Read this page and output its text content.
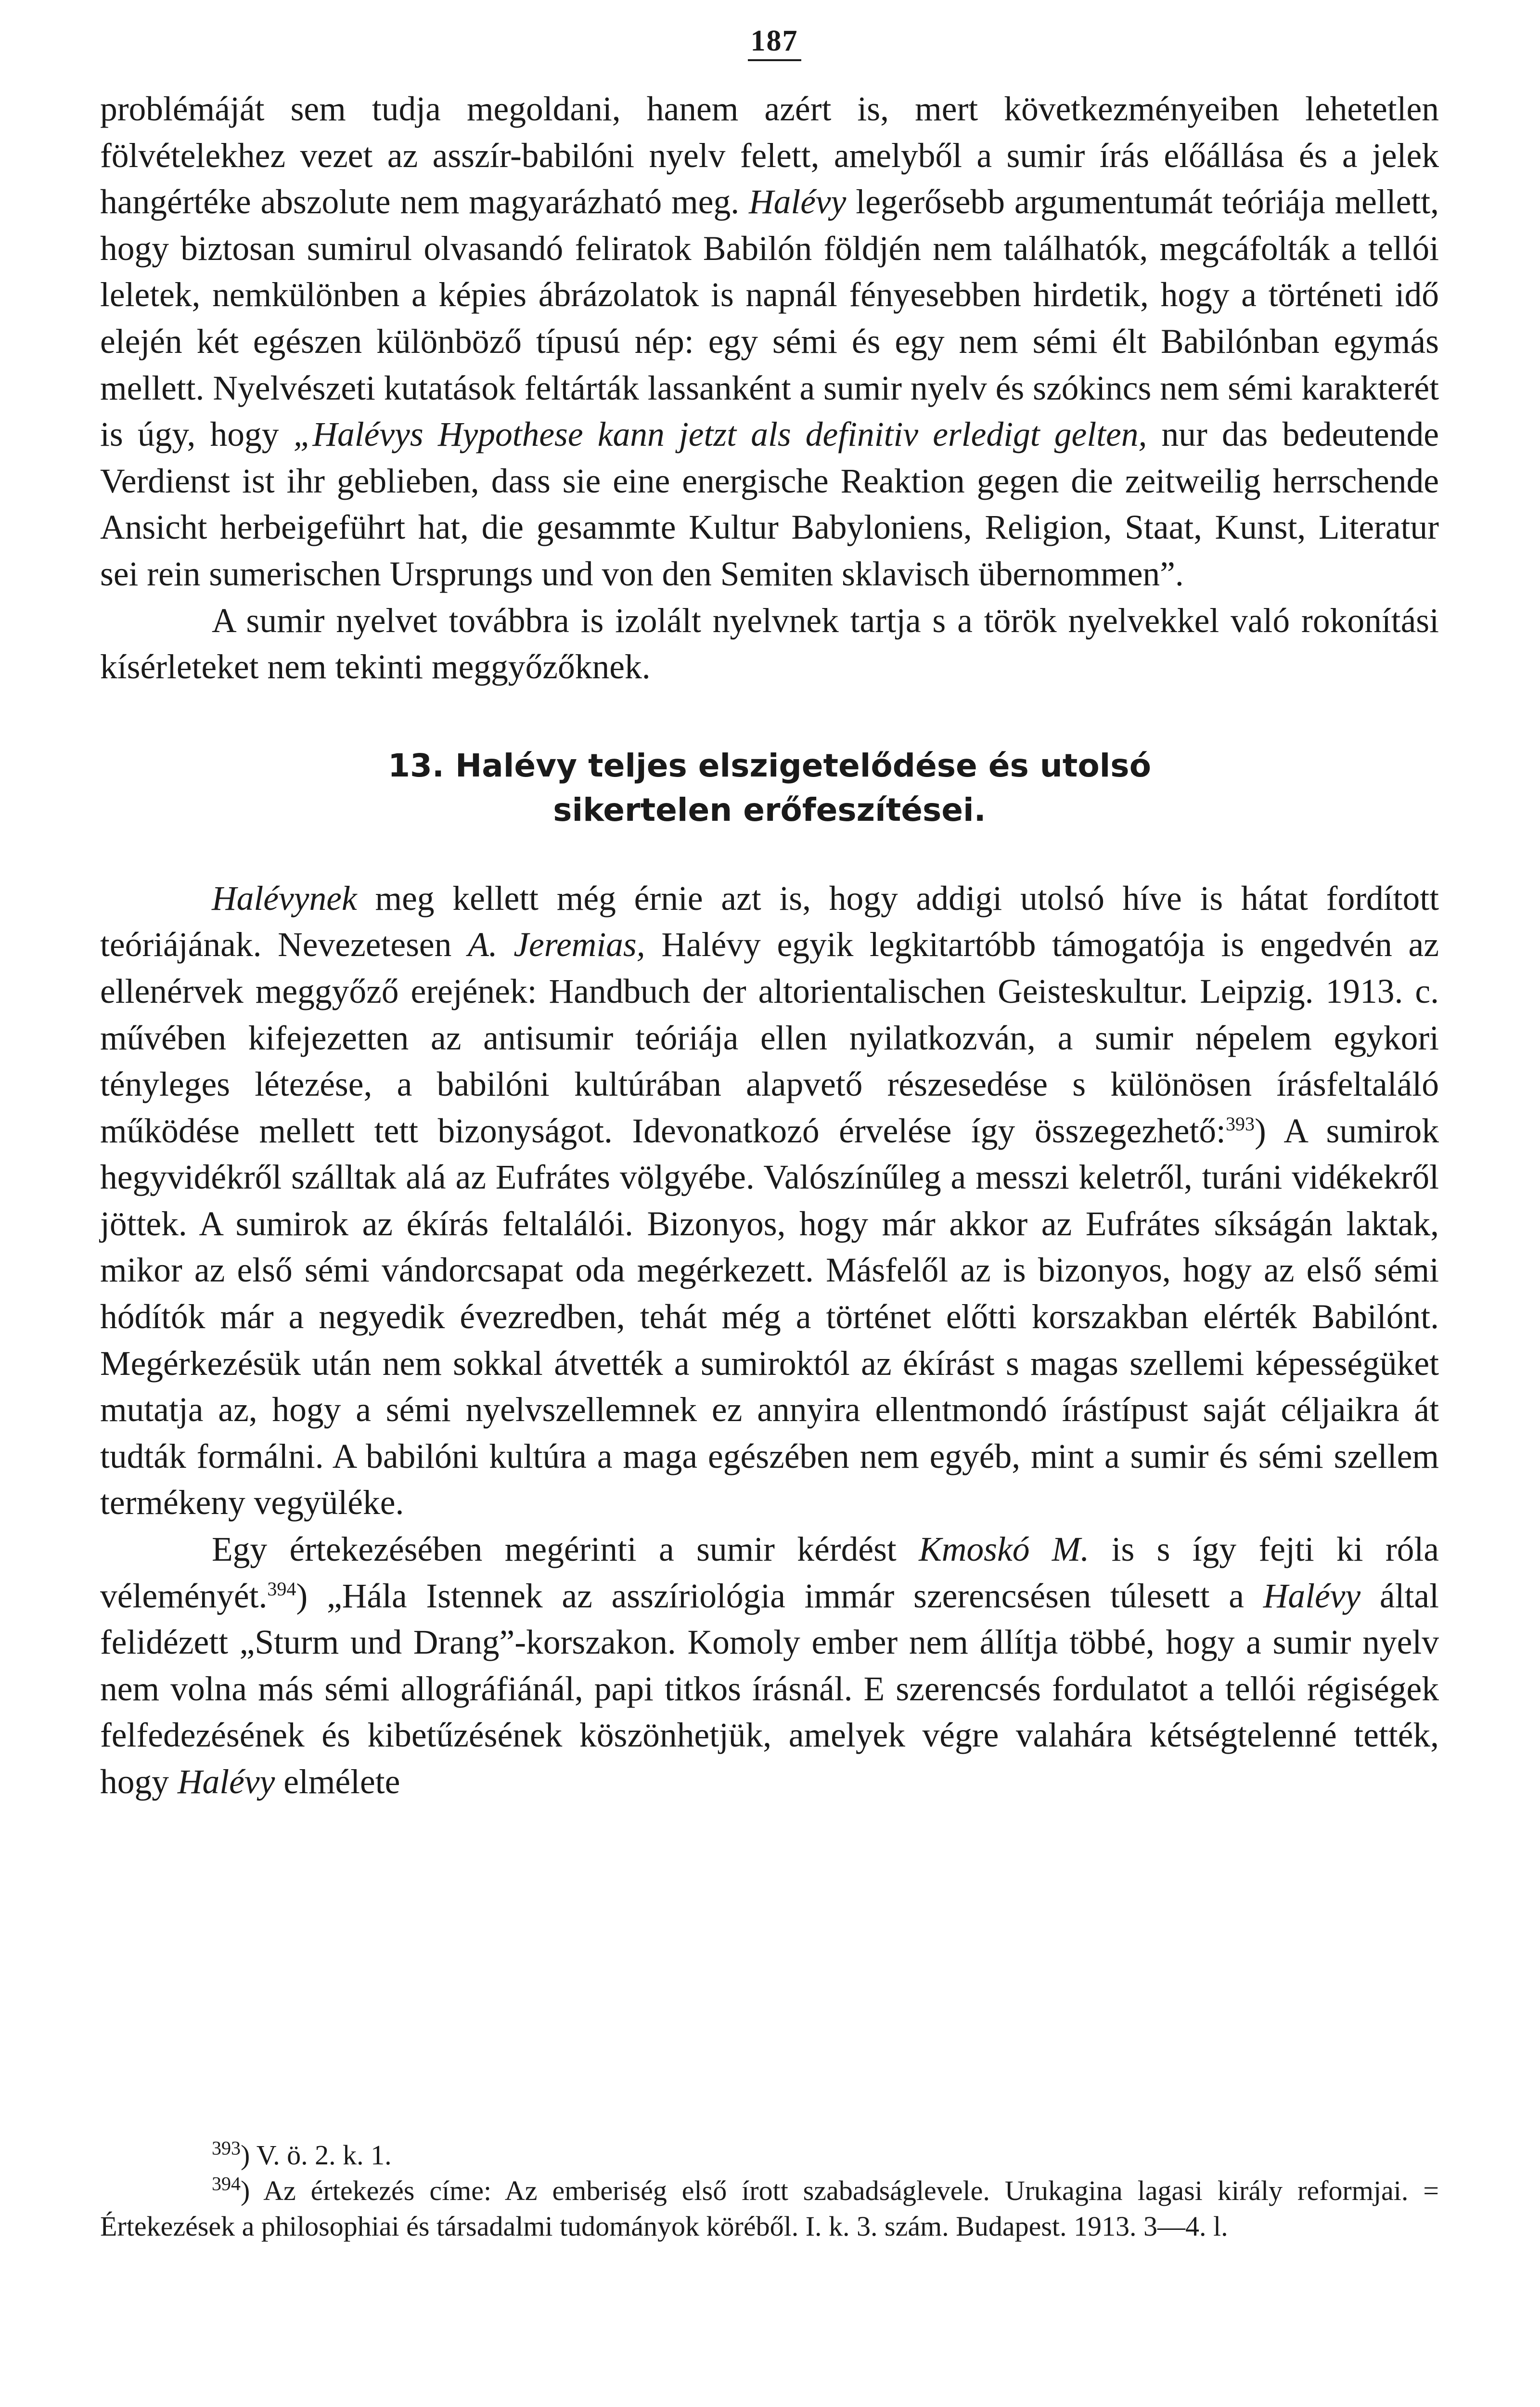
187

problémáját sem tudja megoldani, hanem azért is, mert következményeiben lehetetlen fölvételekhez vezet az asszír-babilóni nyelv felett, amelyből a sumir írás előállása és a jelek hangértéke abszolute nem magyarázható meg. Halévy legerősebb argumentumát teóriája mellett, hogy biztosan sumirul olvasandó feliratok Babilón földjén nem találhatók, megcáfolták a tellói leletek, nemkülönben a képies ábrázolatok is napnál fényesebben hirdetik, hogy a történeti idő elején két egészen különböző típusú nép: egy sémi és egy nem sémi élt Babilónban egymás mellett. Nyelvészeti kutatások feltárták lassanként a sumir nyelv és szókincs nem sémi karakterét is úgy, hogy „Halévys Hypothese kann jetzt als definitiv erledigt gelten, nur das bedeutende Verdienst ist ihr geblieben, dass sie eine energische Reaktion gegen die zeitweilig herrschende Ansicht herbeigeführt hat, die gesammte Kultur Babyloniens, Religion, Staat, Kunst, Literatur sei rein sumerischen Ursprungs und von den Semiten sklavisch übernommen”.

A sumir nyelvet továbbra is izolált nyelvnek tartja s a török nyelvekkel való rokonítási kísérleteket nem tekinti meggyőzőknek.

13. Halévy teljes elszigetelődése és utolsó
sikertelen erőfeszítései.

Halévynek meg kellett még érnie azt is, hogy addigi utolsó híve is hátat fordított teóriájának. Nevezetesen A. Jeremias, Halévy egyik legkitartóbb támogatója is engedvén az ellenérvek meggyőző erejének: Handbuch der altorientalischen Geisteskultur. Leipzig. 1913. c. művében kifejezetten az antisumir teóriája ellen nyilatkozván, a sumir népelem egykori tényleges létezése, a babilóni kultúrában alapvető részesedése s különösen írásfeltaláló működése mellett tett bizonyságot. Idevonatkozó érvelése így összegezhető:$^{393}$) A sumirok hegyvidékről szálltak alá az Eufrátes völgyébe. Valószínűleg a messzi keletről, turáni vidékekről jöttek. A sumirok az ékírás feltalálói. Bizonyos, hogy már akkor az Eufrátes síkságán laktak, mikor az első sémi vándorcsapat oda megérkezett. Másfelől az is bizonyos, hogy az első sémi hódítók már a negyedik évezredben, tehát még a történet előtti korszakban elérték Babilónt. Megérkezésük után nem sokkal átvették a sumiroktól az ékírást s magas szellemi képességüket mutatja az, hogy a sémi nyelvszellemnek ez annyira ellentmondó írástípust saját céljaikra át tudták formálni. A babilóni kultúra a maga egészében nem egyéb, mint a sumir és sémi szellem termékeny vegyüléke.

Egy értekezésében megérinti a sumir kérdést Kmoskó M. is s így fejti ki róla véleményét.$^{394}$) „Hála Istennek az asszíriológia immár szerencsésen túlesett a Halévy által felidézett „Sturm und Drang”-korszakon. Komoly ember nem állítja többé, hogy a sumir nyelv nem volna más sémi allográfiánál, papi titkos írásnál. E szerencsés fordulatot a tellói régiségek felfedezésének és kibetűzésének köszönhetjük, amelyek végre valahára kétségtelenné tették, hogy Halévy elmélete

$^{393}$) V. ö. 2. k. 1.

$^{394}$) Az értekezés címe: Az emberiség első írott szabadságlevele. Urukagina lagasi király reformjai. = Értekezések a philosophiai és társadalmi tudományok köréből. I. k. 3. szám. Budapest. 1913. 3—4. l.
